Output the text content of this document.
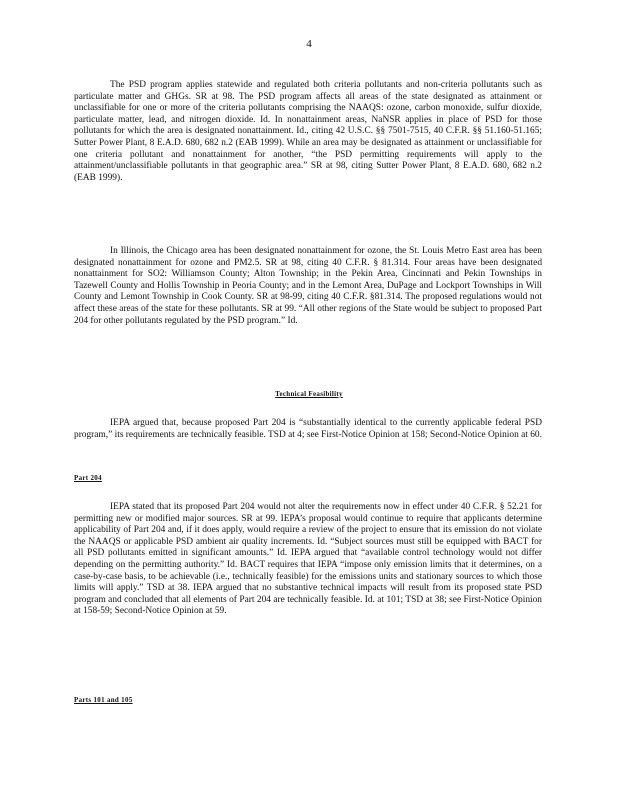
4

The PSD program applies statewide and regulated both criteria pollutants and non-criteria pollutants such as particulate matter and GHGs. SR at 98. The PSD program affects all areas of the state designated as attainment or unclassifiable for one or more of the criteria pollutants comprising the NAAQS: ozone, carbon monoxide, sulfur dioxide, particulate matter, lead, and nitrogen dioxide. Id. In nonattainment areas, NaNSR applies in place of PSD for those pollutants for which the area is designated nonattainment. Id., citing 42 U.S.C. §§ 7501-7515, 40 C.F.R. §§ 51.160-51.165; Sutter Power Plant, 8 E.A.D. 680, 682 n.2 (EAB 1999). While an area may be designated as attainment or unclassifiable for one criteria pollutant and nonattainment for another, “the PSD permitting requirements will apply to the attainment/unclassifiable pollutants in that geographic area.” SR at 98, citing Sutter Power Plant, 8 E.A.D. 680, 682 n.2 (EAB 1999).

In Illinois, the Chicago area has been designated nonattainment for ozone, the St. Louis Metro East area has been designated nonattainment for ozone and PM2.5. SR at 98, citing 40 C.F.R. § 81.314. Four areas have been designated nonattainment for SO2: Williamson County; Alton Township; in the Pekin Area, Cincinnati and Pekin Townships in Tazewell County and Hollis Township in Peoria County; and in the Lemont Area, DuPage and Lockport Townships in Will County and Lemont Township in Cook County. SR at 98-99, citing 40 C.F.R. §81.314. The proposed regulations would not affect these areas of the state for these pollutants. SR at 99. “All other regions of the State would be subject to proposed Part 204 for other pollutants regulated by the PSD program.” Id.

Technical Feasibility

IEPA argued that, because proposed Part 204 is “substantially identical to the currently applicable federal PSD program,” its requirements are technically feasible. TSD at 4; see First-Notice Opinion at 158; Second-Notice Opinion at 60.

Part 204

IEPA stated that its proposed Part 204 would not alter the requirements now in effect under 40 C.F.R. § 52.21 for permitting new or modified major sources. SR at 99. IEPA’s proposal would continue to require that applicants determine applicability of Part 204 and, if it does apply, would require a review of the project to ensure that its emission do not violate the NAAQS or applicable PSD ambient air quality increments. Id. “Subject sources must still be equipped with BACT for all PSD pollutants emitted in significant amounts.” Id. IEPA argued that “available control technology would not differ depending on the permitting authority.” Id. BACT requires that IEPA “impose only emission limits that it determines, on a case-by-case basis, to be achievable (i.e., technically feasible) for the emissions units and stationary sources to which those limits will apply.” TSD at 38. IEPA argued that no substantive technical impacts will result from its proposed state PSD program and concluded that all elements of Part 204 are technically feasible. Id. at 101; TSD at 38; see First-Notice Opinion at 158-59; Second-Notice Opinion at 59.

Parts 101 and 105
